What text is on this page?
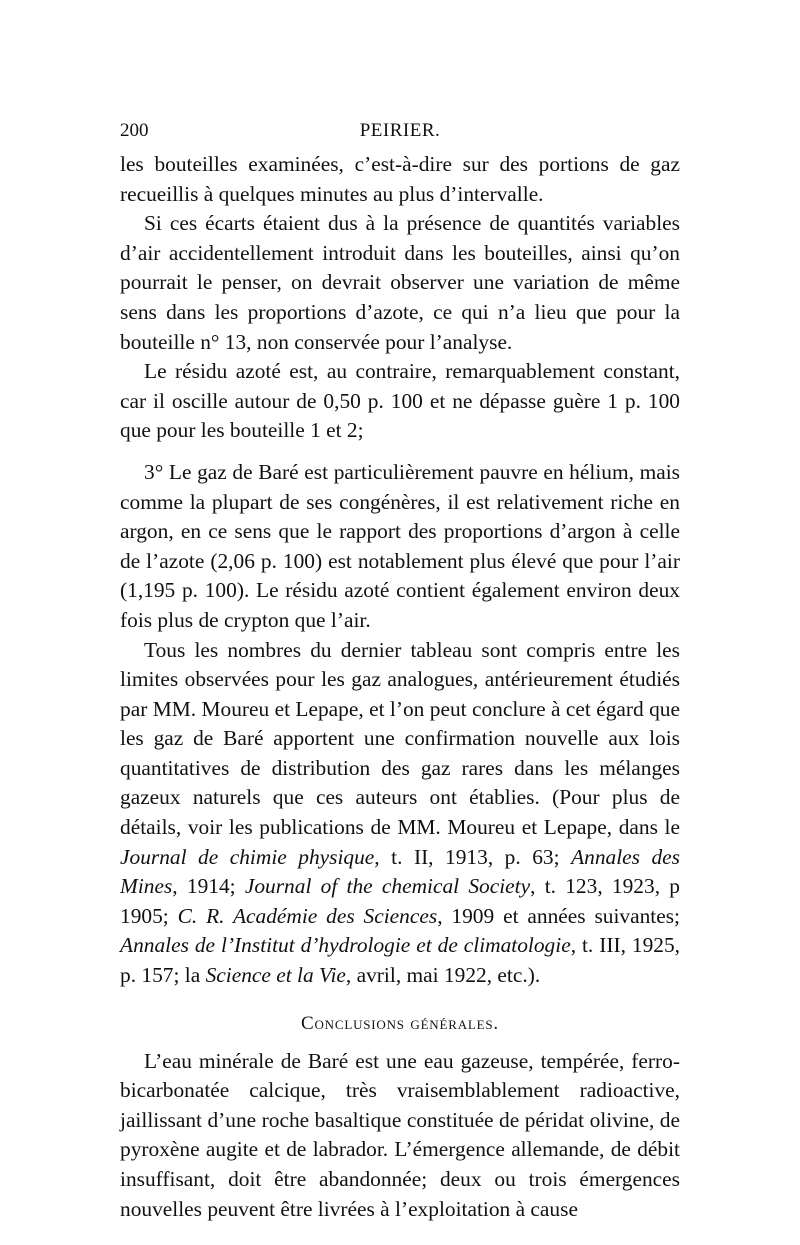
200	PEIRIER.

les bouteilles examinées, c’est-à-dire sur des portions de gaz recueillis à quelques minutes au plus d’intervalle.

Si ces écarts étaient dus à la présence de quantités variables d’air accidentellement introduit dans les bouteilles, ainsi qu’on pourrait le penser, on devrait observer une variation de même sens dans les proportions d’azote, ce qui n’a lieu que pour la bouteille n° 13, non conservée pour l’analyse.

Le résidu azoté est, au contraire, remarquablement constant, car il oscille autour de 0,50 p. 100 et ne dépasse guère 1 p. 100 que pour les bouteille 1 et 2;

3° Le gaz de Baré est particulièrement pauvre en hélium, mais comme la plupart de ses congénères, il est relativement riche en argon, en ce sens que le rapport des proportions d’argon à celle de l’azote (2,06 p. 100) est notablement plus élevé que pour l’air (1,195 p. 100). Le résidu azoté contient également environ deux fois plus de crypton que l’air.

Tous les nombres du dernier tableau sont compris entre les limites observées pour les gaz analogues, antérieurement étudiés par MM. Moureu et Lepape, et l’on peut conclure à cet égard que les gaz de Baré apportent une confirmation nouvelle aux lois quantitatives de distribution des gaz rares dans les mélanges gazeux naturels que ces auteurs ont établies. (Pour plus de détails, voir les publications de MM. Moureu et Lepape, dans le Journal de chimie physique, t. II, 1913, p. 63; Annales des Mines, 1914; Journal of the chemical Society, t. 123, 1923, p 1905; C. R. Académie des Sciences, 1909 et années suivantes; Annales de l’Institut d’hydrologie et de climatologie, t. III, 1925, p. 157; la Science et la Vie, avril, mai 1922, etc.).

Conclusions générales.

L’eau minérale de Baré est une eau gazeuse, tempérée, ferro-bicarbonatée calcique, très vraisemblablement radioactive, jaillissant d’une roche basaltique constituée de péridat olivine, de pyroxène augite et de labrador. L’émergence allemande, de débit insuffisant, doit être abandonnée; deux ou trois émergences nouvelles peuvent être livrées à l’exploitation à cause
